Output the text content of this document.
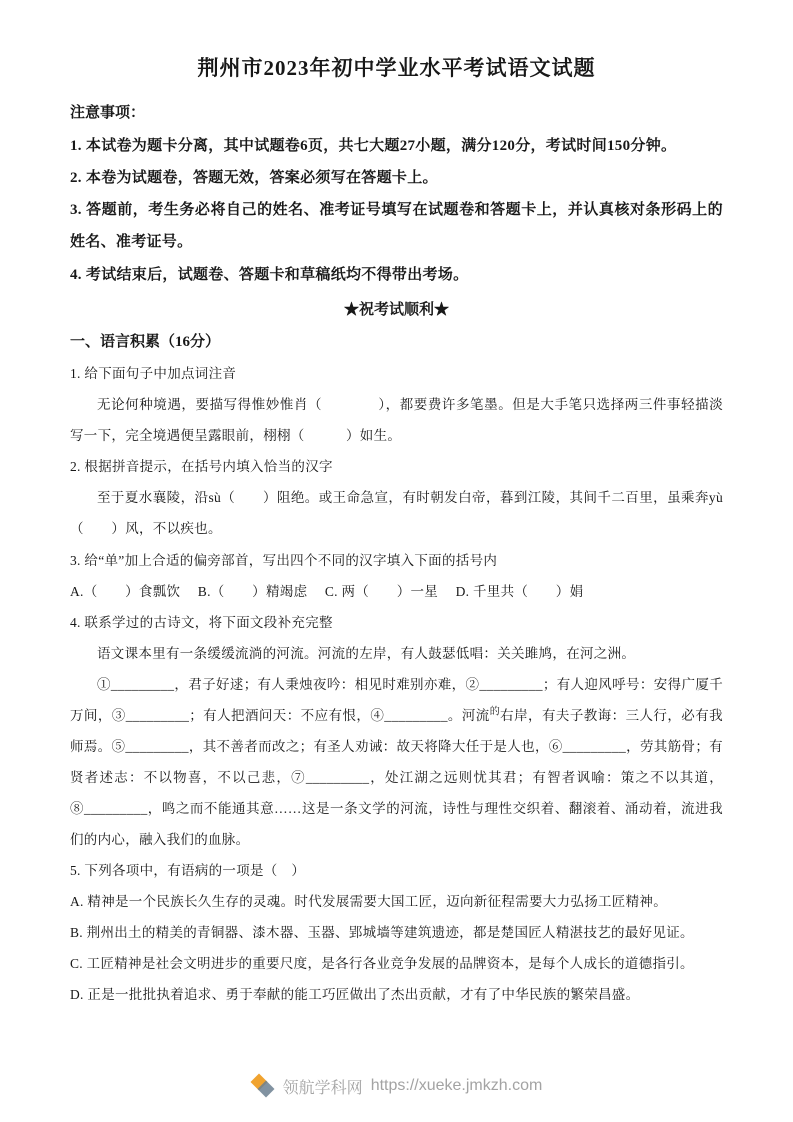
荆州市2023年初中学业水平考试语文试题

注意事项：

1. 本试卷为题卡分离，其中试题卷6页，共七大题27小题，满分120分，考试时间150分钟。

2. 本卷为试题卷，答题无效，答案必须写在答题卡上。

3. 答题前，考生务必将自己的姓名、准考证号填写在试题卷和答题卡上，并认真核对条形码上的姓名、准考证号。

4. 考试结束后，试题卷、答题卡和草稿纸均不得带出考场。

★祝考试顺利★

一、语言积累（16分）

1. 给下面句子中加点词注音

无论何种境遇，要描写得惟妙惟肖（　　　　），都要费许多笔墨。但是大手笔只选择两三件事轻描淡写一下，完全境遇便呈露眼前，栩栩（　　　）如生。

2. 根据拼音提示，在括号内填入恰当的汉字

至于夏水襄陵，沿sù（　　）阻绝。或王命急宣，有时朝发白帝，暮到江陵，其间千二百里，虽乘奔yù（　　）风，不以疾也。

3. 给“单”加上合适的偏旁部首，写出四个不同的汉字填入下面的括号内

A.（　　）食瓢饮　 B.（　　）精竭虑　 C. 两（　　）一星　 D. 千里共（　　）娟

4. 联系学过的古诗文，将下面文段补充完整

语文课本里有一条缓缓流淌的河流。河流的左岸，有人鼓瑟低唱：关关雎鸠，在河之洲。

①_________，君子好逑；有人秉烛夜吟：相见时难别亦难，②_________；有人迎风呼号：安得广厦千万间，③_________；有人把酒问天：不应有恨，④_________。河流$^的$右岸，有夫子教诲：三人行，必有我师焉。⑤_________，其不善者而改之；有圣人劝诫：故天将降大任于是人也，⑥_________，劳其筋骨；有贤者述志：不以物喜，不以己悲，⑦_________，处江湖之远则忧其君；有智者讽喻：策之不以其道，⑧_________，鸣之而不能通其意……这是一条文学的河流，诗性与理性交织着、翻滚着、涌动着，流进我们的内心，融入我们的血脉。

5. 下列各项中，有语病的一项是（　）

A. 精神是一个民族长久生存的灵魂。时代发展需要大国工匠，迈向新征程需要大力弘扬工匠精神。

B. 荆州出土的精美的青铜器、漆木器、玉器、郢城墙等建筑遗迹，都是楚国匠人精湛技艺的最好见证。

C. 工匠精神是社会文明进步的重要尺度，是各行各业竞争发展的品牌资本，是每个人成长的道德指引。

D. 正是一批批执着追求、勇于奉献的能工巧匠做出了杰出贡献，才有了中华民族的繁荣昌盛。

领航学科网 https://xueke.jmkzh.com
